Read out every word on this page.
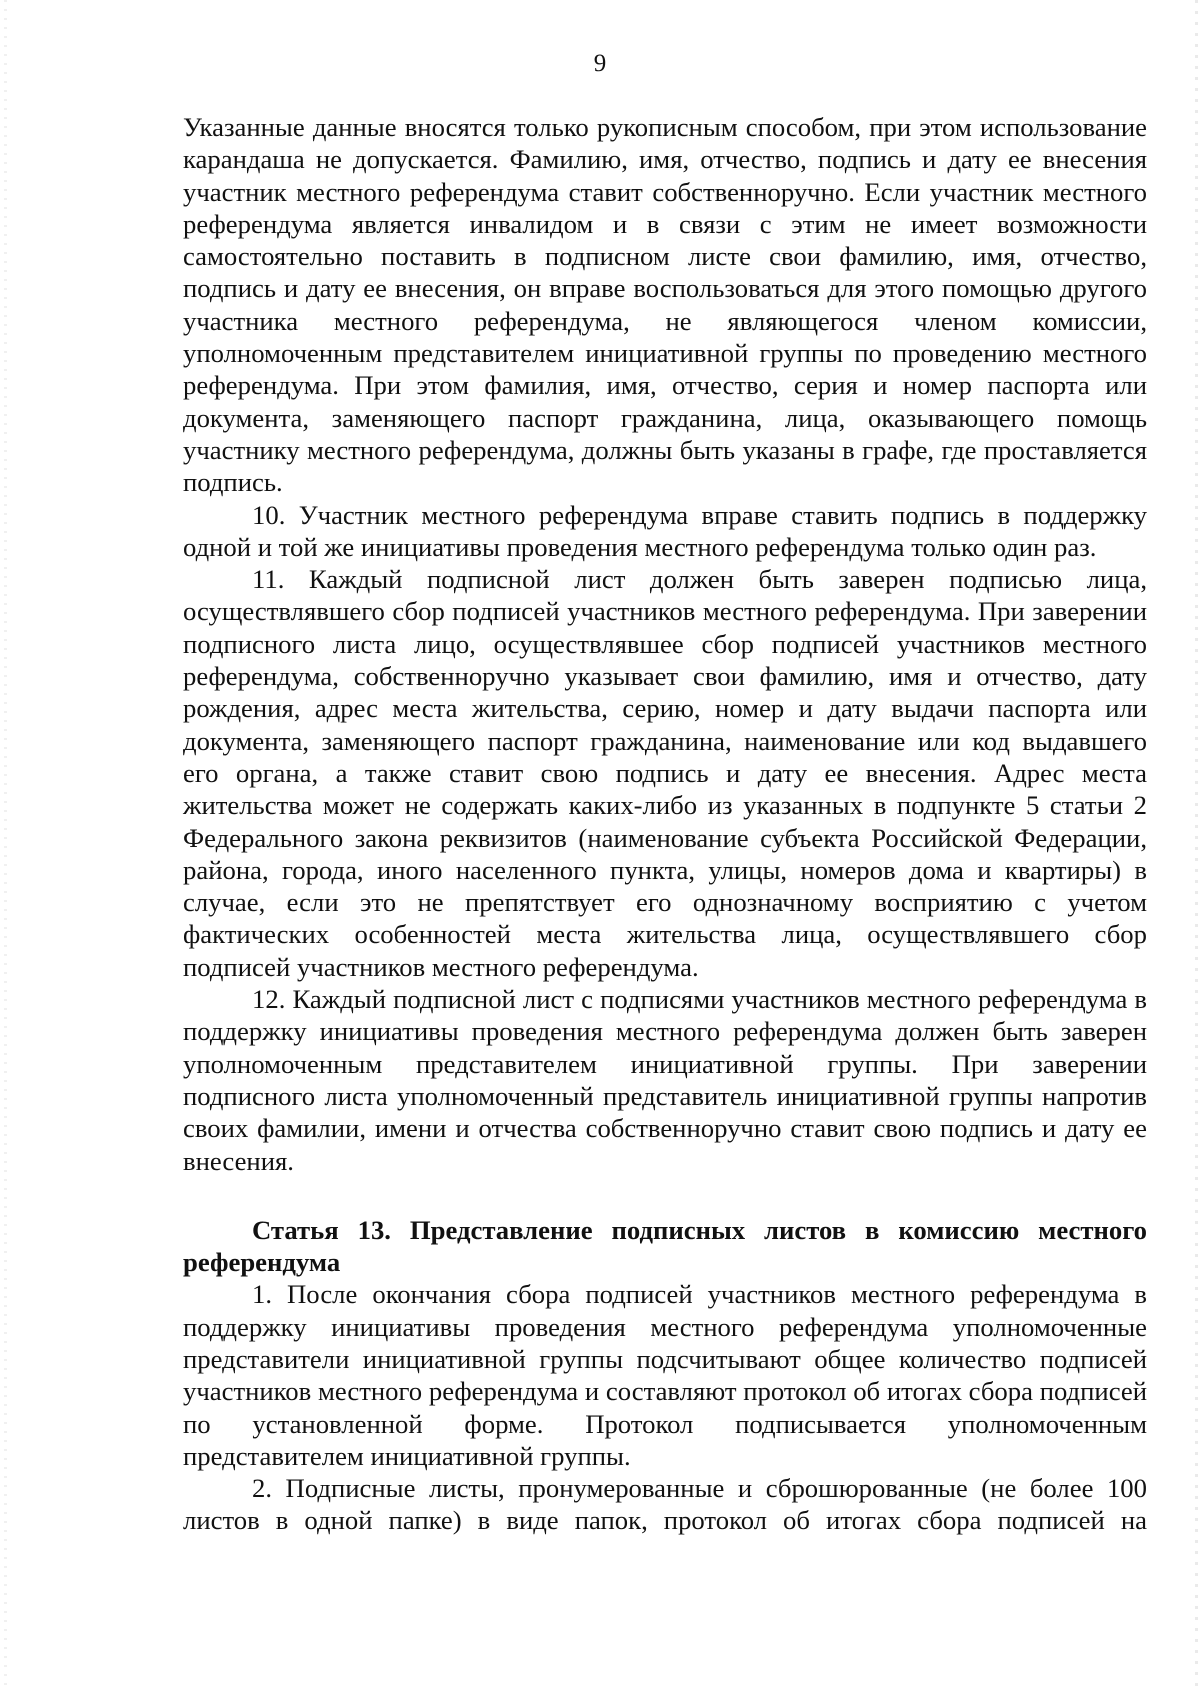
9

Указанные данные вносятся только рукописным способом, при этом использование карандаша не допускается. Фамилию, имя, отчество, подпись и дату ее внесения участник местного референдума ставит собственноручно. Если участник местного референдума является инвалидом и в связи с этим не имеет возможности самостоятельно поставить в подписном листе свои фамилию, имя, отчество, подпись и дату ее внесения, он вправе воспользоваться для этого помощью другого участника местного референдума, не являющегося членом комиссии, уполномоченным представителем инициативной группы по проведению местного референдума. При этом фамилия, имя, отчество, серия и номер паспорта или документа, заменяющего паспорт гражданина, лица, оказывающего помощь участнику местного референдума, должны быть указаны в графе, где проставляется подпись.

10. Участник местного референдума вправе ставить подпись в поддержку одной и той же инициативы проведения местного референдума только один раз.

11. Каждый подписной лист должен быть заверен подписью лица, осуществлявшего сбор подписей участников местного референдума. При заверении подписного листа лицо, осуществлявшее сбор подписей участников местного референдума, собственноручно указывает свои фамилию, имя и отчество, дату рождения, адрес места жительства, серию, номер и дату выдачи паспорта или документа, заменяющего паспорт гражданина, наименование или код выдавшего его органа, а также ставит свою подпись и дату ее внесения. Адрес места жительства может не содержать каких-либо из указанных в подпункте 5 статьи 2 Федерального закона реквизитов (наименование субъекта Российской Федерации, района, города, иного населенного пункта, улицы, номеров дома и квартиры) в случае, если это не препятствует его однозначному восприятию с учетом фактических особенностей места жительства лица, осуществлявшего сбор подписей участников местного референдума.

12. Каждый подписной лист с подписями участников местного референдума в поддержку инициативы проведения местного референдума должен быть заверен уполномоченным представителем инициативной группы. При заверении подписного листа уполномоченный представитель инициативной группы напротив своих фамилии, имени и отчества собственноручно ставит свою подпись и дату ее внесения.

Статья 13. Представление подписных листов в комиссию местного референдума

1. После окончания сбора подписей участников местного референдума в поддержку инициативы проведения местного референдума уполномоченные представители инициативной группы подсчитывают общее количество подписей участников местного референдума и составляют протокол об итогах сбора подписей по установленной форме. Протокол подписывается уполномоченным представителем инициативной группы.

2. Подписные листы, пронумерованные и сброшюрованные (не более 100 листов в одной папке) в виде папок, протокол об итогах сбора подписей на
